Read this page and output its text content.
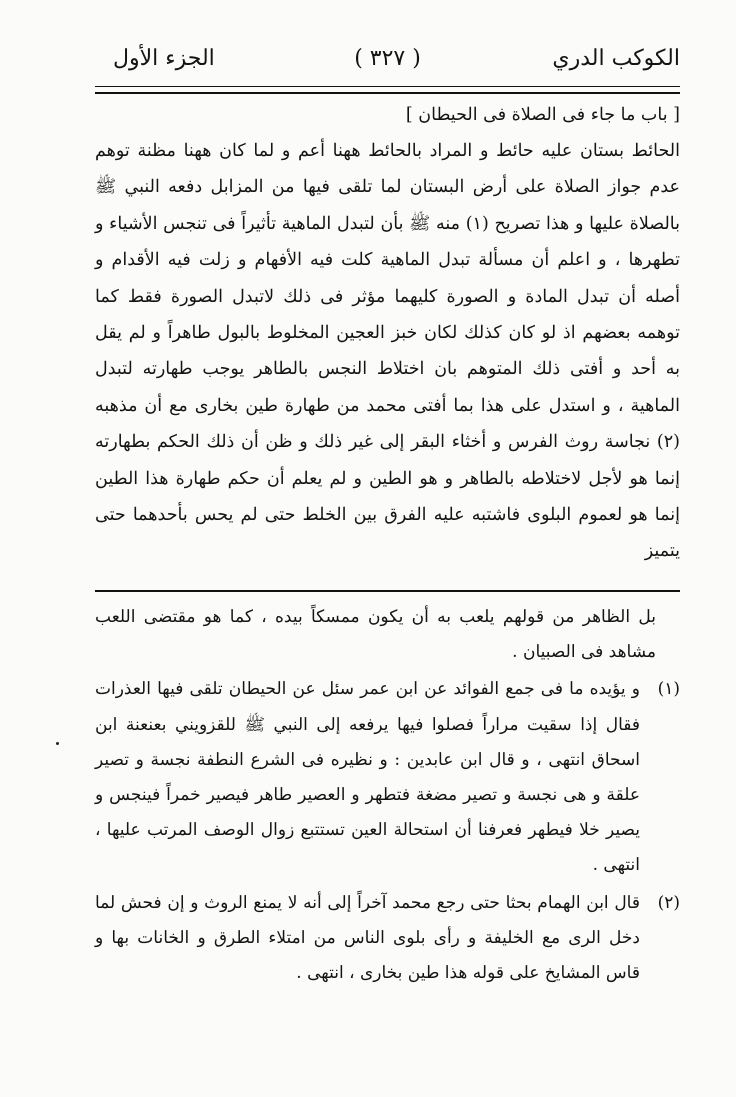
الكوكب الدري
( ٣٢٧ )
الجزء الأول
[ باب ما جاء فى الصلاة فى الحيطان ]

الحائط بستان عليه حائط و المراد بالحائط ههنا أعم و لما كان ههنا مظنة توهم عدم جواز الصلاة على أرض البستان لما تلقى فيها من المزابل دفعه النبي ﷺ بالصلاة عليها و هذا تصريح (١) منه ﷺ بأن لتبدل الماهية تأثيراً فى تنجس الأشياء و تطهرها ، و اعلم أن مسألة تبدل الماهية كلت فيه الأفهام و زلت فيه الأقدام و أصله أن تبدل المادة و الصورة كليهما مؤثر فى ذلك لاتبدل الصورة فقط كما توهمه بعضهم اذ لو كان كذلك لكان خبز العجين المخلوط بالبول طاهراً و لم يقل به أحد و أفتى ذلك المتوهم بان اختلاط النجس بالطاهر يوجب طهارته لتبدل الماهية ، و استدل على هذا بما أفتى محمد من طهارة طين بخارى مع أن مذهبه (٢) نجاسة روث الفرس و أخثاء البقر إلى غير ذلك و ظن أن ذلك الحكم بطهارته إنما هو لأجل لاختلاطه بالطاهر و هو الطين و لم يعلم أن حكم طهارة هذا الطين إنما هو لعموم البلوى فاشتبه عليه الفرق بين الخلط حتى لم يحس بأحدهما حتى يتميز

بل الظاهر من قولهم يلعب به أن يكون ممسكاً بيده ، كما هو مقتضى اللعب مشاهد فى الصبيان .

(١)
و يؤيده ما فى جمع الفوائد عن ابن عمر سئل عن الحيطان تلقى فيها العذرات فقال إذا سقيت مراراً فصلوا فيها يرفعه إلى النبي ﷺ للقزويني بعنعنة ابن اسحاق انتهى ، و قال ابن عابدين : و نظيره فى الشرع النطفة نجسة و تصير علقة و هى نجسة و تصير مضغة فتطهر و العصير طاهر فيصير خمراً فينجس و يصير خلا فيطهر فعرفنا أن استحالة العين تستتبع زوال الوصف المرتب عليها ، انتهى .
(٢)
قال ابن الهمام بحثا حتى رجع محمد آخراً إلى أنه لا يمنع الروث و إن فحش لما دخل الرى مع الخليفة و رأى بلوى الناس من امتلاء الطرق و الخانات بها و قاس المشايخ على قوله هذا طين بخارى ، انتهى .
